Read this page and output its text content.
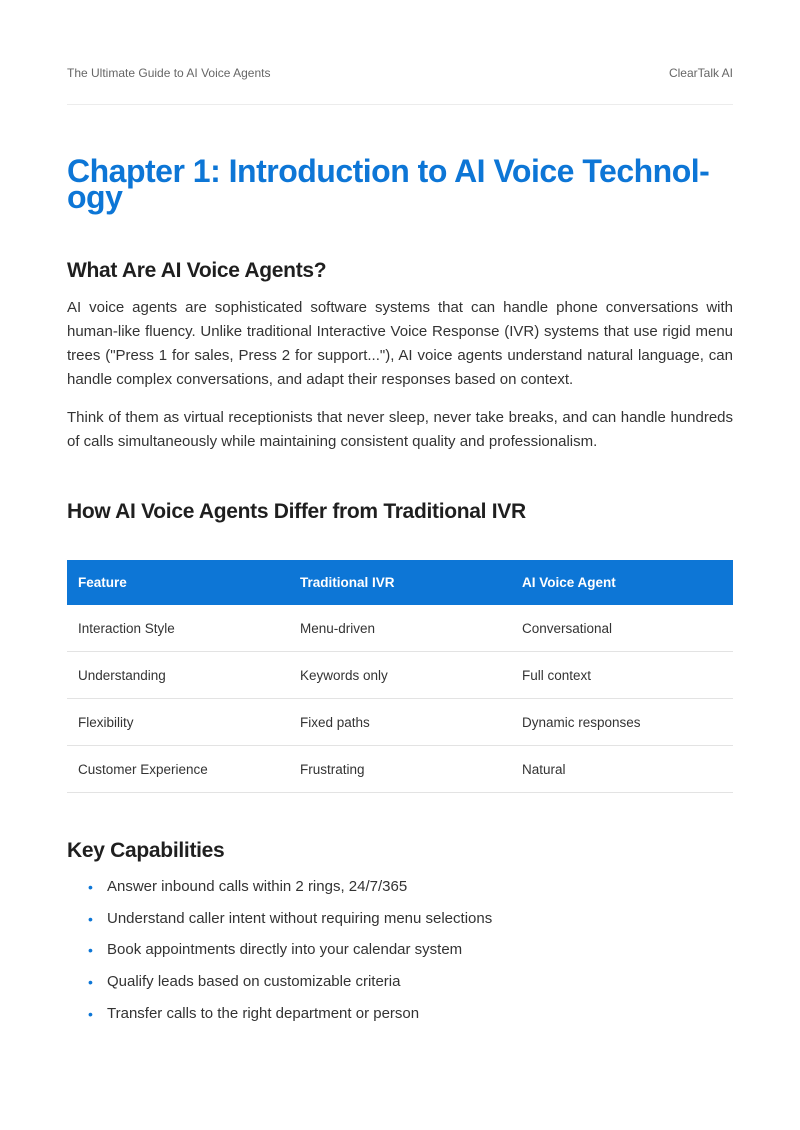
The Ultimate Guide to AI Voice Agents	ClearTalk AI
Chapter 1: Introduction to AI Voice Technol-
ogy
What Are AI Voice Agents?

AI voice agents are sophisticated software systems that can handle phone conversations with human-like fluency. Unlike traditional Interactive Voice Response (IVR) systems that use rigid menu trees ("Press 1 for sales, Press 2 for support..."), AI voice agents understand natural language, can handle complex conversations, and adapt their responses based on context.

Think of them as virtual receptionists that never sleep, never take breaks, and can handle hundreds of calls simultaneously while maintaining consistent quality and professionalism.

How AI Voice Agents Differ from Traditional IVR
Feature	Traditional IVR	AI Voice Agent
Interaction Style	Menu-driven	Conversational
Understanding	Keywords only	Full context
Flexibility	Fixed paths	Dynamic responses
Customer Experience	Frustrating	Natural
Key Capabilities
• Answer inbound calls within 2 rings, 24/7/365
• Understand caller intent without requiring menu selections
• Book appointments directly into your calendar system
• Qualify leads based on customizable criteria
• Transfer calls to the right department or person
